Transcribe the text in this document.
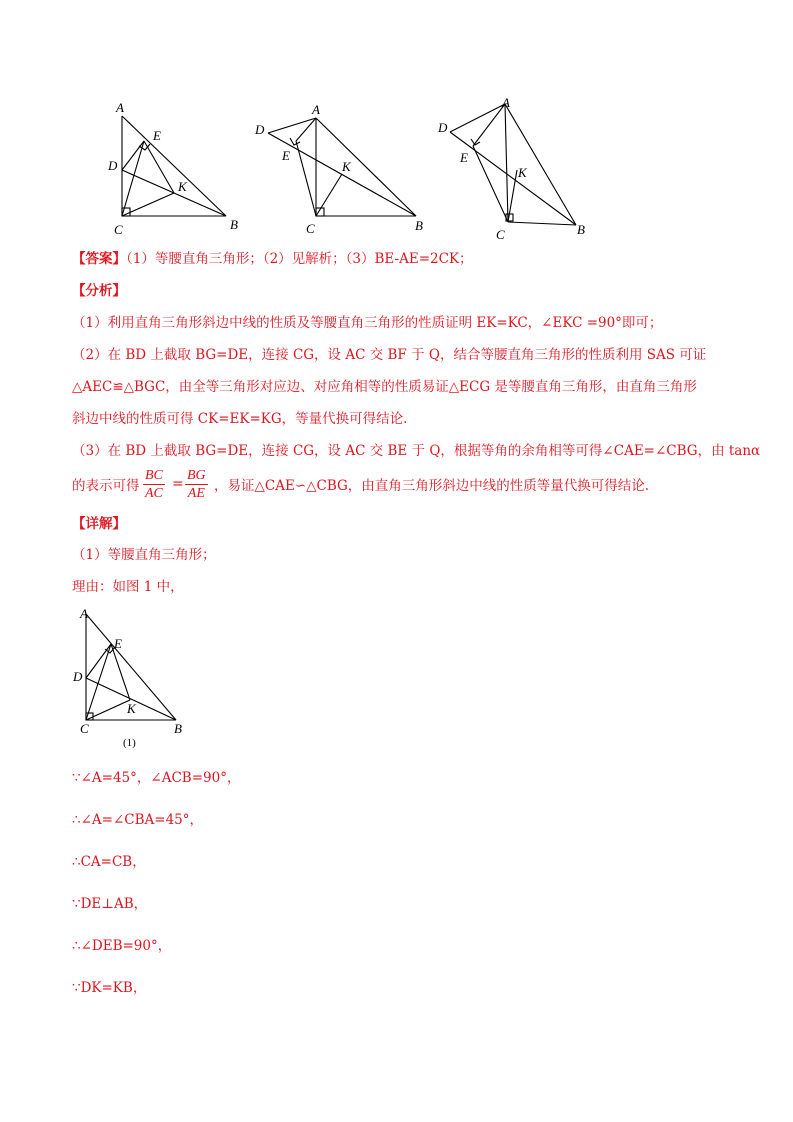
A
E
D
K
C	B
A
D
E
K
C	B
A
D
E
K
C	B
【答案】（1）等腰直角三角形；（2）见解析；（3）BE-AE=2CK；
【分析】
（1）利用直角三角形斜边中线的性质及等腰直角三角形的性质证明 EK=KC，∠EKC =90°即可；
（2）在 BD 上截取 BG=DE，连接 CG，设 AC 交 BF 于 Q，结合等腰直角三角形的性质利用 SAS 可证
△AEC≌△BGC，由全等三角形对应边、对应角相等的性质易证△ECG 是等腰直角三角形，由直角三角形
斜边中线的性质可得 CK=EK=KG，等量代换可得结论.
（3）在 BD 上截取 BG=DE，连接 CG，设 AC 交 BE 于 Q，根据等角的余角相等可得∠CAE=∠CBG，由 tanα
的表示可得 $\frac{BC}{AC} = \frac{BG}{AE}$ ，易证△CAE∽△CBG，由直角三角形斜边中线的性质等量代换可得结论.
【详解】
（1）等腰直角三角形；
理由：如图 1 中，
A
E
D
K
C	B
(1)
∵∠A=45°，∠ACB=90°，
∴∠A=∠CBA=45°，
∴CA=CB，
∵DE⊥AB，
∴∠DEB=90°，
∵DK=KB，
